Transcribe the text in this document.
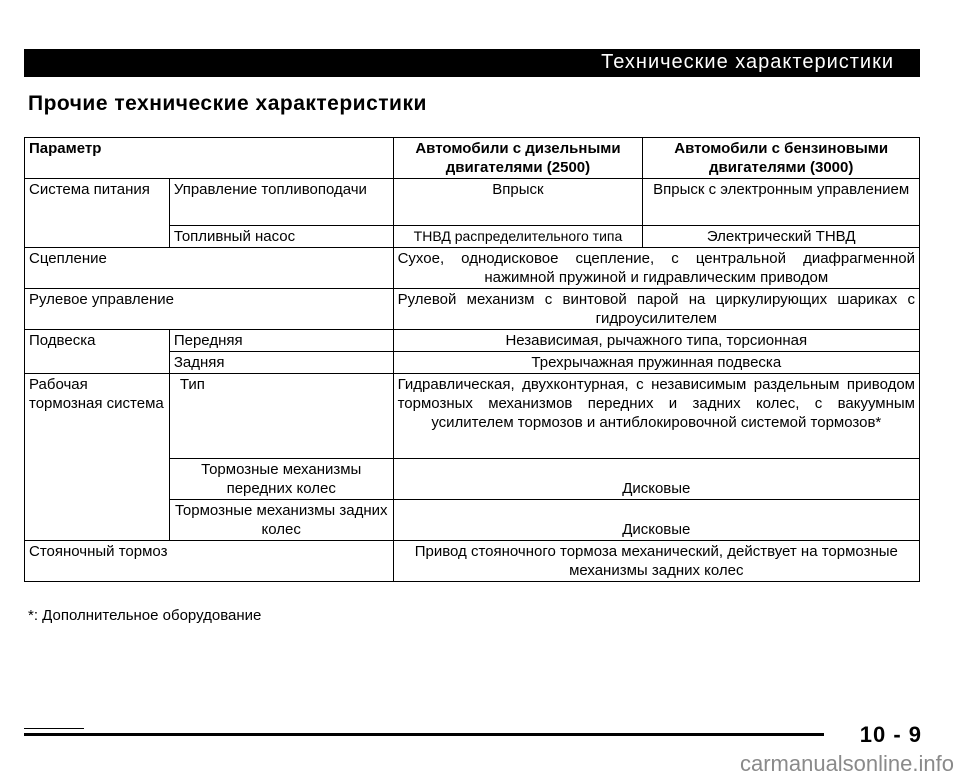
Технические характеристики
Прочие технические характеристики
Параметр		Автомобили с дизельными двигателями (2500)	Автомобили с бензиновыми двигателями (3000)
Система питания	Управление топливоподачи	Впрыск	Впрыск с электронным управлением
	Топливный насос	ТНВД распределительного типа	Электрический ТНВД
Сцепление		Сухое, однодисковое сцепление, с центральной диафрагменной нажимной пружиной и гидравлическим приводом	
Рулевое управление		Рулевой механизм с винтовой парой на циркулирующих шариках с гидроусилителем	
Подвеска	Передняя	Независимая, рычажного типа, торсионная	
	Задняя	Трехрычажная пружинная подвеска	
Рабочая тормозная система	Тип	Гидравлическая, двухконтурная, с независимым раздельным приводом тормозных механизмов передних и задних колес, с вакуумным усилителем тормозов и антиблокировочной системой тормозов*	
	Тормозные механизмы передних колес	Дисковые	
	Тормозные механизмы задних колес	Дисковые	
Стояночный тормоз		Привод стояночного тормоза механический, действует на тормозные механизмы задних колес	
*: Дополнительное оборудование
10 - 9
carmanualsonline.info
